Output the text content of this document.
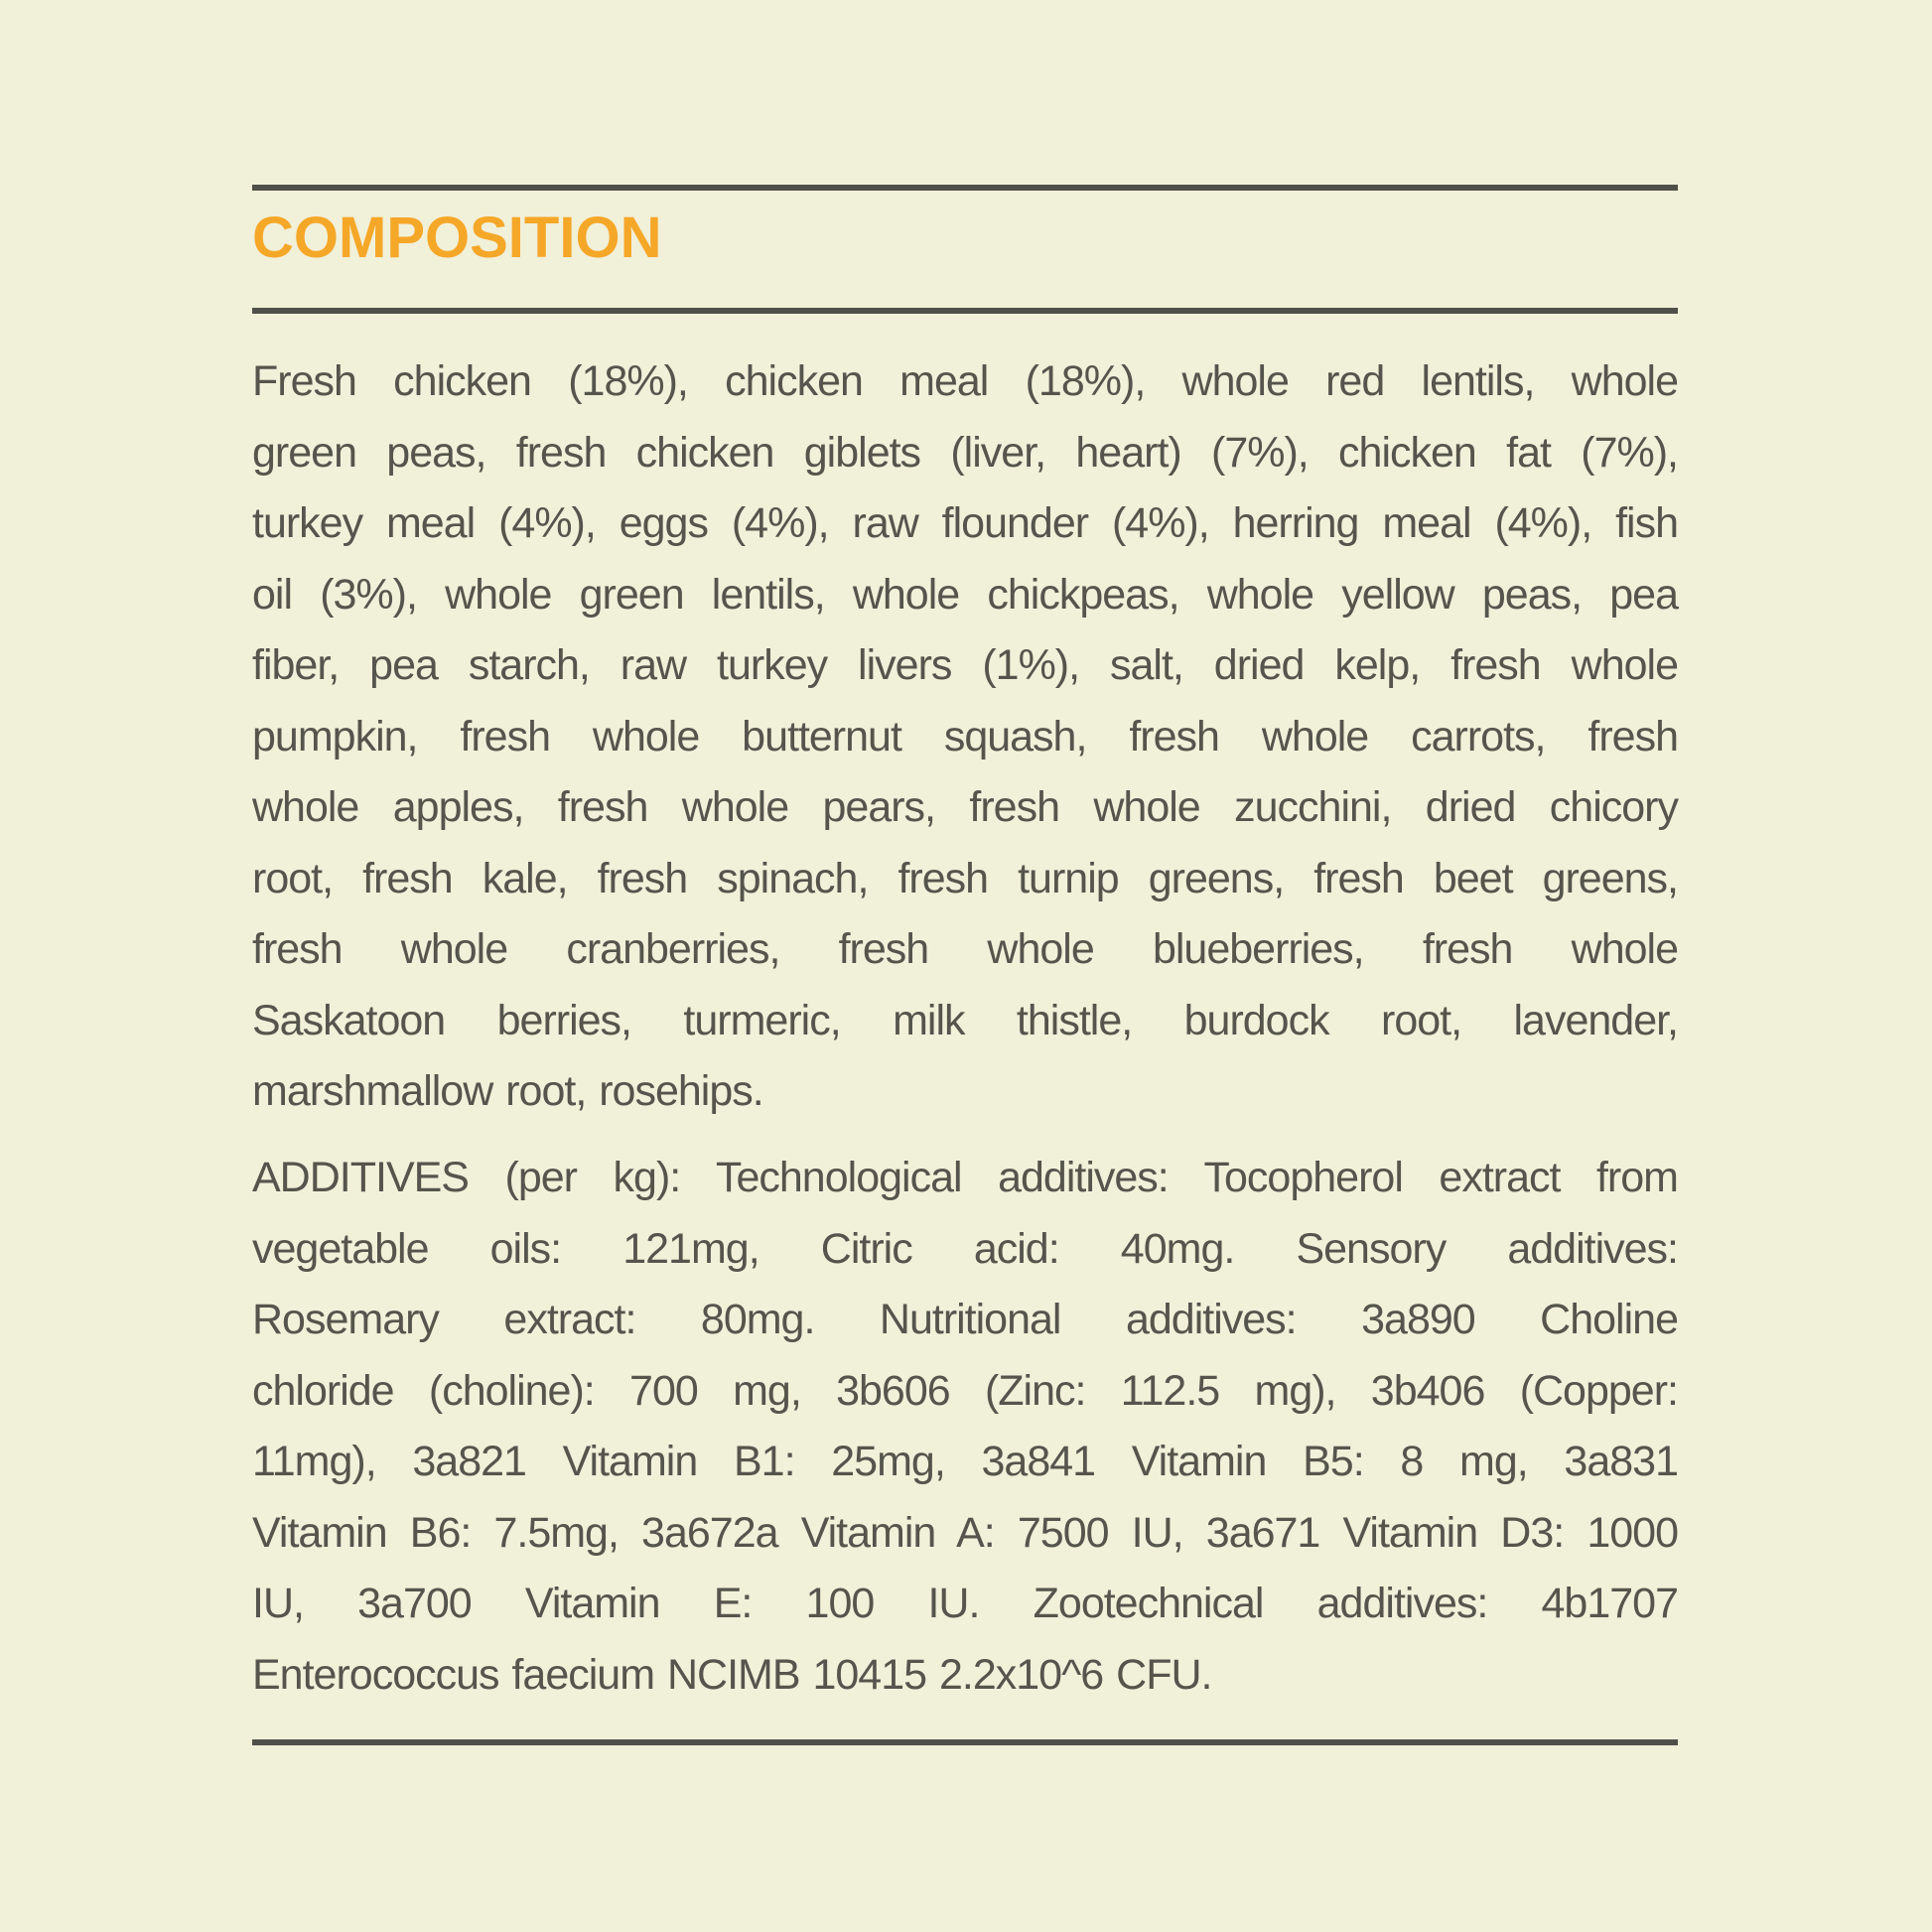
COMPOSITION
Fresh chicken (18%), chicken meal (18%), whole red lentils, whole
green peas, fresh chicken giblets (liver, heart) (7%), chicken fat (7%),
turkey meal (4%), eggs (4%), raw flounder (4%), herring meal (4%), fish
oil (3%), whole green lentils, whole chickpeas, whole yellow peas, pea
fiber, pea starch, raw turkey livers (1%), salt, dried kelp, fresh whole
pumpkin, fresh whole butternut squash, fresh whole carrots, fresh
whole apples, fresh whole pears, fresh whole zucchini, dried chicory
root, fresh kale, fresh spinach, fresh turnip greens, fresh beet greens,
fresh whole cranberries, fresh whole blueberries, fresh whole
Saskatoon berries, turmeric, milk thistle, burdock root, lavender,
marshmallow root, rosehips.
ADDITIVES (per kg): Technological additives: Tocopherol extract from
vegetable oils: 121mg, Citric acid: 40mg. Sensory additives:
Rosemary extract: 80mg. Nutritional additives: 3a890 Choline
chloride (choline): 700 mg, 3b606 (Zinc: 112.5 mg), 3b406 (Copper:
11mg), 3a821 Vitamin B1: 25mg, 3a841 Vitamin B5: 8 mg, 3a831
Vitamin B6: 7.5mg, 3a672a Vitamin A: 7500 IU, 3a671 Vitamin D3: 1000
IU, 3a700 Vitamin E: 100 IU. Zootechnical additives: 4b1707
Enterococcus faecium NCIMB 10415 2.2x10^6 CFU.
